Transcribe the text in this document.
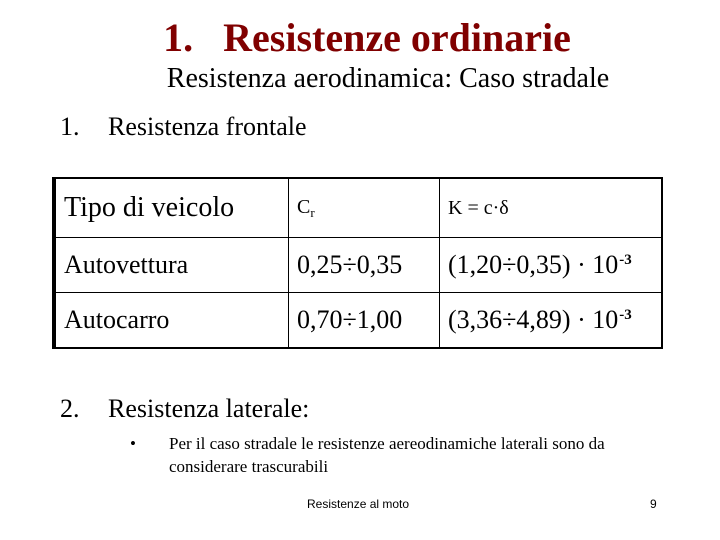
1. Resistenze ordinarie
Resistenza aerodinamica: Caso stradale
1. Resistenza frontale
Tipo di veicolo	$C_r$	K = c·δ
Autovettura	0,25÷0,35	$(1,20\div 0,35) \cdot 10^{-3}$
Autocarro	0,70÷1,00	$(3,36\div 4,89) \cdot 10^{-3}$
2. Resistenza laterale:
• Per il caso stradale le resistenze aereodinamiche laterali sono da considerare trascurabili
Resistenze al moto	9
